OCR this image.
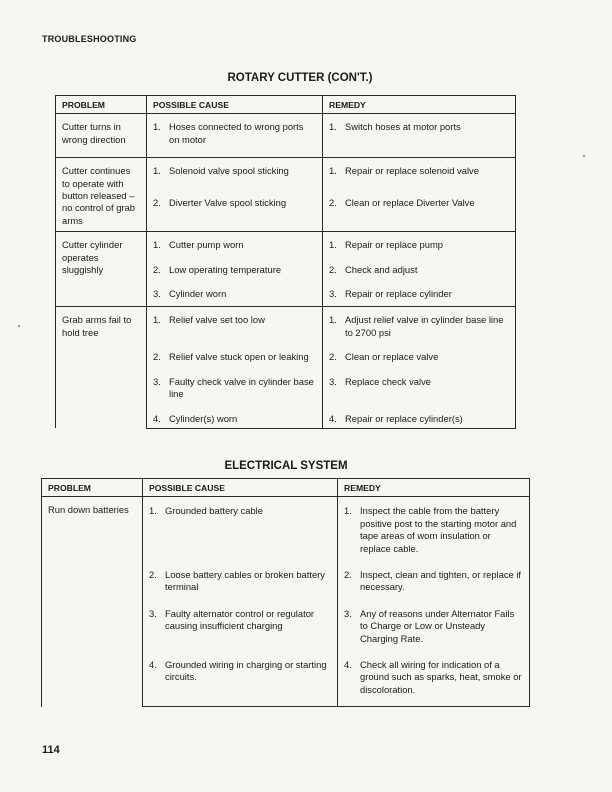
TROUBLESHOOTING
ROTARY CUTTER (CON'T.)
PROBLEM	POSSIBLE CAUSE	REMEDY
Cutter turns in wrong direction	1. Hoses connected to wrong ports on motor	1. Switch hoses at motor ports

Cutter continues to operate with button released – no control of grab arms	1. Solenoid valve spool sticking	1. Repair or replace solenoid valve

	2. Diverter Valve spool sticking	2. Clean or replace Diverter Valve

Cutter cylinder operates sluggishly	1. Cutter pump worn	1. Repair or replace pump

	2. Low operating temperature	2. Check and adjust

	3. Cylinder worn	3. Repair or replace cylinder

Grab arms fail to hold tree	1. Relief valve set too low	1. Adjust relief valve in cylinder base line to 2700 psi

	2. Relief valve stuck open or leaking	2. Clean or replace valve

	3. Faulty check valve in cylinder base line	3. Replace check valve

	4. Cylinder(s) worn	4. Repair or replace cylinder(s)
ELECTRICAL SYSTEM
PROBLEM	POSSIBLE CAUSE	REMEDY
Run down batteries	1. Grounded battery cable	1. Inspect the cable from the battery positive post to the starting motor and tape areas of worn insulation or replace cable.

	2. Loose battery cables or broken battery terminal	2. Inspect, clean and tighten, or replace if necessary.

	3. Faulty alternator control or regulator causing insufficient charging	3. Any of reasons under Alternator Fails to Charge or Low or Unsteady Charging Rate.

	4. Grounded wiring in charging or starting circuits.	4. Check all wiring for indication of a ground such as sparks, heat, smoke or discoloration.
114
